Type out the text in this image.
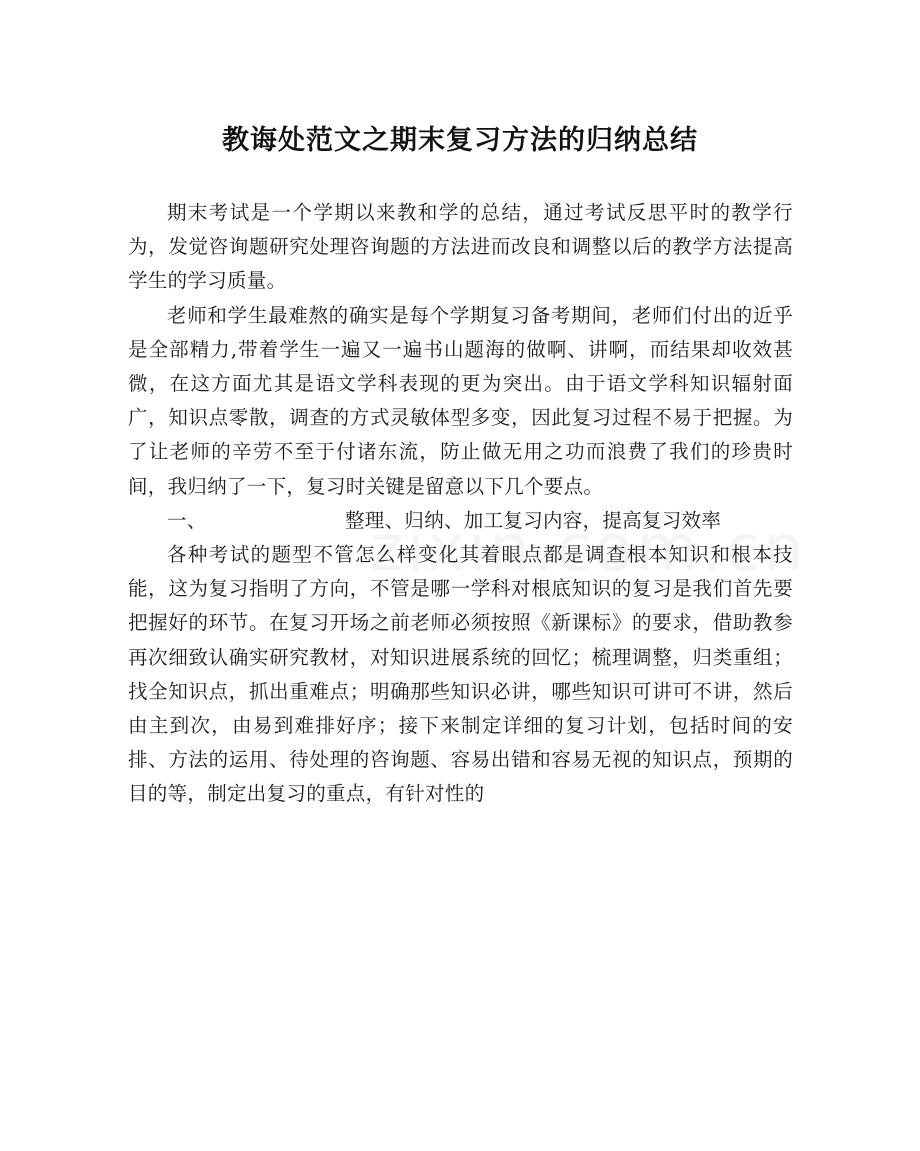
教诲处范文之期末复习方法的归纳总结

期末考试是一个学期以来教和学的总结，通过考试反思平时的教学行为，发觉咨询题研究处理咨询题的方法进而改良和调整以后的教学方法提高学生的学习质量。

老师和学生最难熬的确实是每个学期复习备考期间，老师们付出的近乎是全部精力,带着学生一遍又一遍书山题海的做啊、讲啊，而结果却收效甚微，在这方面尤其是语文学科表现的更为突出。由于语文学科知识辐射面广，知识点零散，调查的方式灵敏体型多变，因此复习过程不易于把握。为了让老师的辛劳不至于付诸东流，防止做无用之功而浪费了我们的珍贵时间，我归纳了一下，复习时关键是留意以下几个要点。

一、	整理、归纳、加工复习内容，提高复习效率

各种考试的题型不管怎么样变化其着眼点都是调查根本知识和根本技能，这为复习指明了方向，不管是哪一学科对根底知识的复习是我们首先要把握好的环节。在复习开场之前老师必须按照《新课标》的要求，借助教参再次细致认确实研究教材，对知识进展系统的回忆；梳理调整，归类重组；找全知识点，抓出重难点；明确那些知识必讲，哪些知识可讲可不讲，然后由主到次，由易到难排好序；接下来制定详细的复习计划，包括时间的安排、方法的运用、待处理的咨询题、容易出错和容易无视的知识点，预期的目的等，制定出复习的重点，有针对性的
